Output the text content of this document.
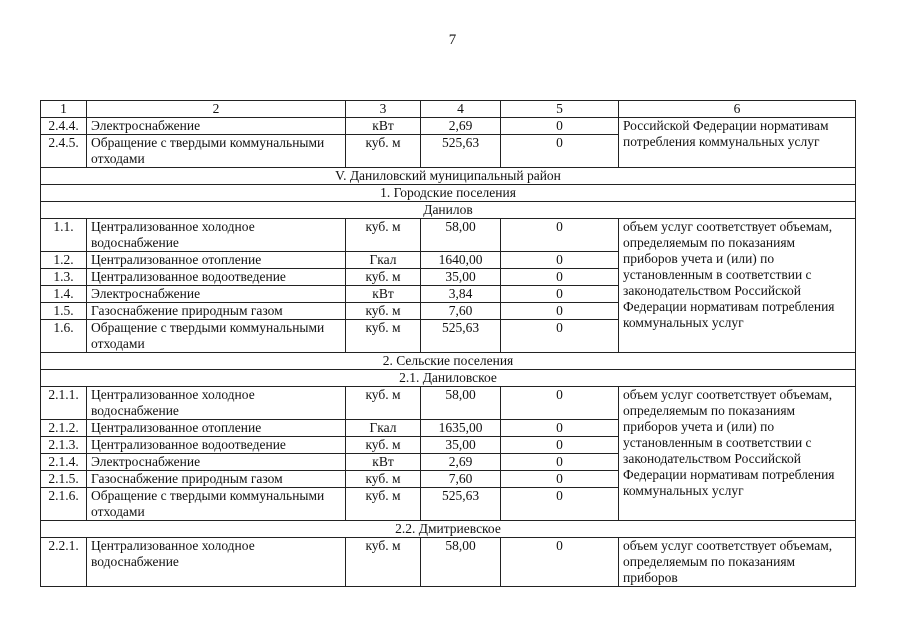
7
1	2	3	4	5	6
2.4.4.	Электроснабжение	кВт	2,69	0	Российской Федерации нормативам потребления коммунальных услуг
2.4.5.	Обращение с твердыми коммунальными отходами	куб. м	525,63	0	
V. Даниловский муниципальный район					
1. Городские поселения					
Данилов					
1.1.	Централизованное холодное водоснабжение	куб. м	58,00	0	объем услуг соответствует объемам, определяемым по показаниям приборов учета и (или) по установленным в соответствии с законодательством Российской Федерации нормативам потребления коммунальных услуг
1.2.	Централизованное отопление	Гкал	1640,00	0	
1.3.	Централизованное водоотведение	куб. м	35,00	0	
1.4.	Электроснабжение	кВт	3,84	0	
1.5.	Газоснабжение природным газом	куб. м	7,60	0	
1.6.	Обращение с твердыми коммунальными отходами	куб. м	525,63	0	
2. Сельские поселения					
2.1. Даниловское					
2.1.1.	Централизованное холодное водоснабжение	куб. м	58,00	0	объем услуг соответствует объемам, определяемым по показаниям приборов учета и (или) по установленным в соответствии с законодательством Российской Федерации нормативам потребления коммунальных услуг
2.1.2.	Централизованное отопление	Гкал	1635,00	0	
2.1.3.	Централизованное водоотведение	куб. м	35,00	0	
2.1.4.	Электроснабжение	кВт	2,69	0	
2.1.5.	Газоснабжение природным газом	куб. м	7,60	0	
2.1.6.	Обращение с твердыми коммунальными отходами	куб. м	525,63	0	
2.2. Дмитриевское					
2.2.1.	Централизованное холодное водоснабжение	куб. м	58,00	0	объем услуг соответствует объемам, определяемым по показаниям приборов
